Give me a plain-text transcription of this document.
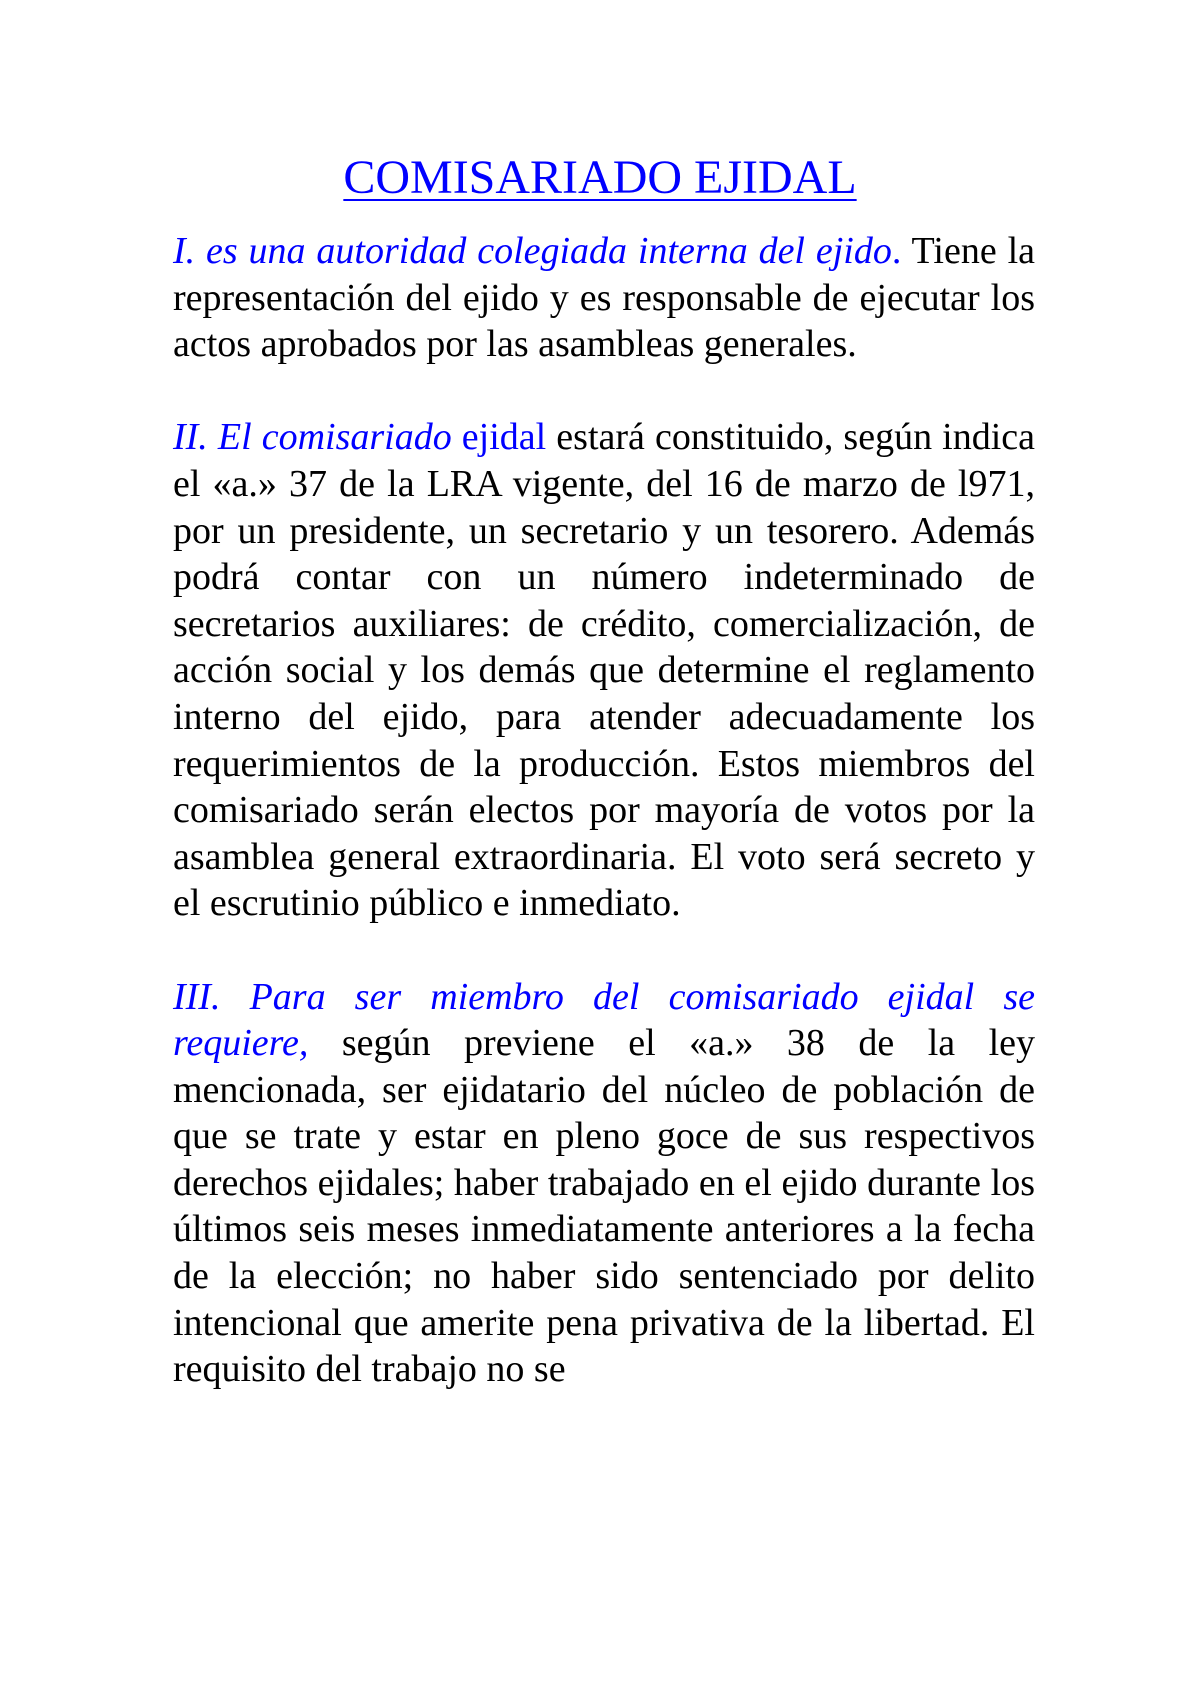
COMISARIADO EJIDAL

I. es una autoridad colegiada interna del ejido. Tiene la representación del ejido y es responsable de ejecutar los actos aprobados por las asambleas generales.

II. El comisariado ejidal estará constituido, según indica el «a.» 37 de la LRA vigente, del 16 de marzo de l971, por un presidente, un secretario y un tesorero. Además podrá contar con un número indeterminado de secretarios auxiliares: de crédito, comercialización, de acción social y los demás que determine el reglamento interno del ejido, para atender adecuadamente los requerimientos de la producción. Estos miembros del comisariado serán electos por mayoría de votos por la asamblea general extraordinaria. El voto será secreto y el escrutinio público e inmediato.

III. Para ser miembro del comisariado ejidal se requiere, según previene el «a.» 38 de la ley mencionada, ser ejidatario del núcleo de población de que se trate y estar en pleno goce de sus respectivos derechos ejidales; haber trabajado en el ejido durante los últimos seis meses inmediatamente anteriores a la fecha de la elección; no haber sido sentenciado por delito intencional que amerite pena privativa de la libertad. El requisito del trabajo no se
